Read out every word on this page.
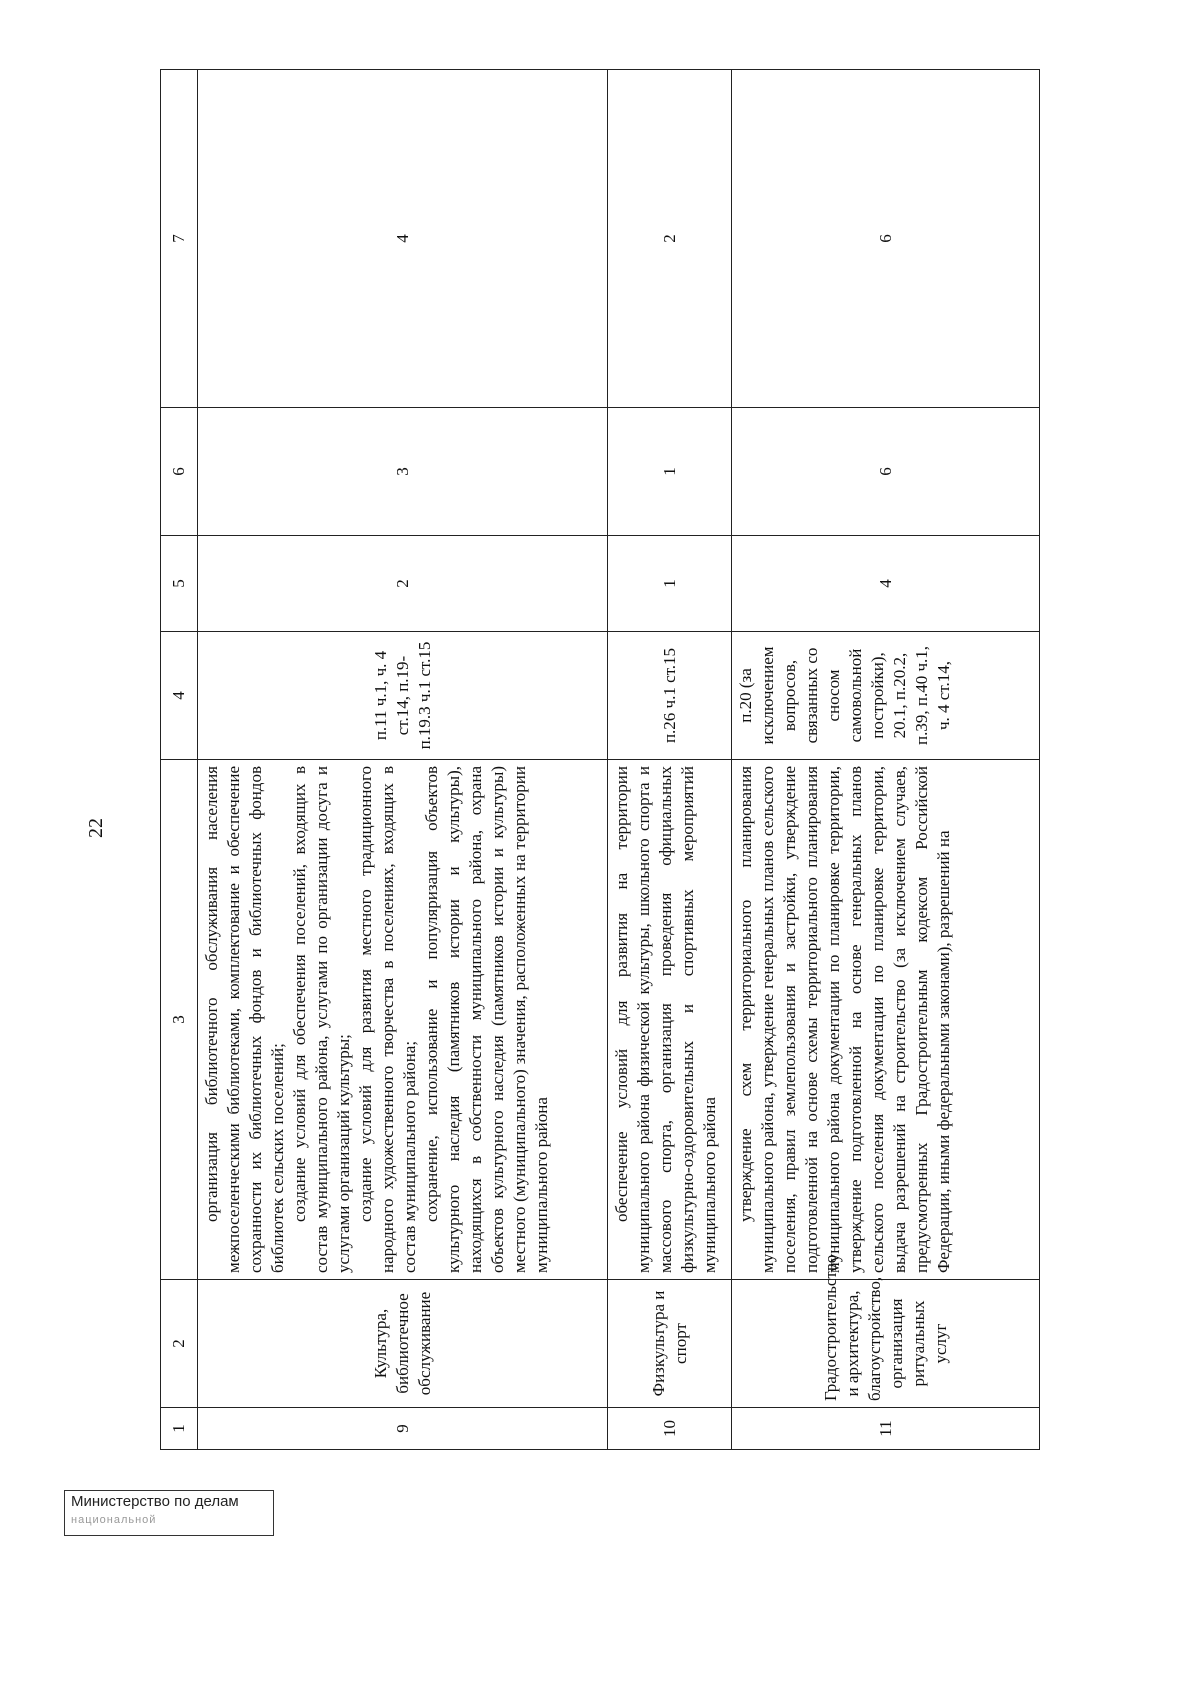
22
1	2	3	4	5	6	7
9	Культура, библиотечное обслуживание	организация библиотечного обслуживания населения межпоселенческими библиотеками, комплектование и обеспечение сохранности их библиотечных фондов и библиотечных фондов библиотек сельских поселений; создание условий для обеспечения поселений, входящих в состав муниципального района, услугами по организации досуга и услугами организаций культуры; создание условий для развития местного традиционного народного художественного творчества в поселениях, входящих в состав муниципального района; сохранение, использование и популяризация объектов культурного наследия (памятников истории и культуры), находящихся в собственности муниципального района, охрана объектов культурного наследия (памятников истории и культуры) местного (муниципального) значения, расположенных на территории муниципального района	п.11 ч.1, ч. 4 ст.14, п.19-п.19.3 ч.1 ст.15	2	3	4
10	Физкультура и спорт	обеспечение условий для развития на территории муниципального района физической культуры, школьного спорта и массового спорта, организация проведения официальных физкультурно-оздоровительных и спортивных мероприятий муниципального района	п.26 ч.1 ст.15	1	1	2
11	Градостроительство и архитектура, благоустройство, организация ритуальных услуг	утверждение схем территориального планирования муниципального района, утверждение генеральных планов сельского поселения, правил землепользования и застройки, утверждение подготовленной на основе схемы территориального планирования муниципального района документации по планировке территории, утверждение подготовленной на основе генеральных планов сельского поселения документации по планировке территории, выдача разрешений на строительство (за исключением случаев, предусмотренных Градостроительным кодексом Российской Федерации, иными федеральными законами), разрешений на	п.20 (за исключением вопросов, связанных со сносом самовольной постройки), 20.1, п.20.2, п.39, п.40 ч.1, ч. 4 ст.14,	4	6	6
Министерство по делам
национальной
